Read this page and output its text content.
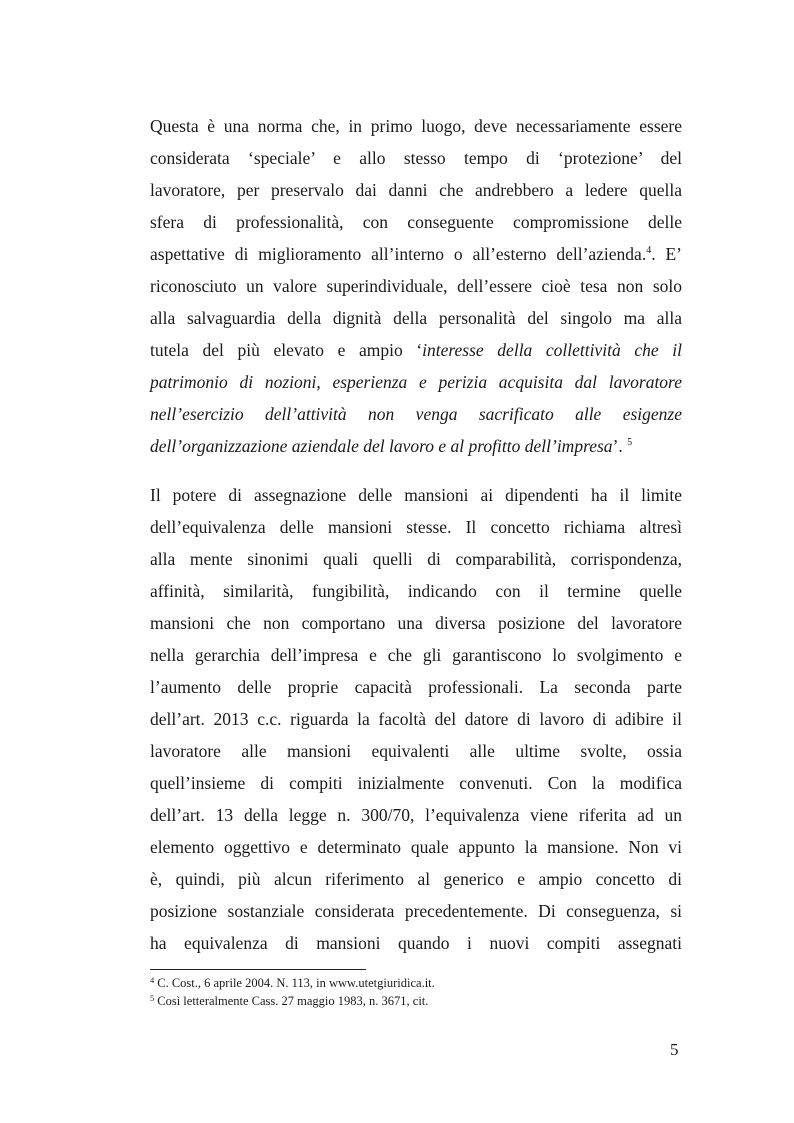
Questa è una norma che, in primo luogo, deve necessariamente essere
considerata ‘speciale’ e allo stesso tempo di ‘protezione’ del
lavoratore, per preservalo dai danni che andrebbero a ledere quella
sfera di professionalità, con conseguente compromissione delle
aspettative di miglioramento all’interno o all’esterno dell’azienda.$^4$. E’
riconosciuto un valore superindividuale, dell’essere cioè tesa non solo
alla salvaguardia della dignità della personalità del singolo ma alla
tutela del più elevato e ampio ‘interesse della collettività che il
patrimonio di nozioni, esperienza e perizia acquisita dal lavoratore
nell’esercizio dell’attività non venga sacrificato alle esigenze
dell’organizzazione aziendale del lavoro e al profitto dell’impresa’. $^5$
Il potere di assegnazione delle mansioni ai dipendenti ha il limite
dell’equivalenza delle mansioni stesse. Il concetto richiama altresì
alla mente sinonimi quali quelli di comparabilità, corrispondenza,
affinità, similarità, fungibilità, indicando con il termine quelle
mansioni che non comportano una diversa posizione del lavoratore
nella gerarchia dell’impresa e che gli garantiscono lo svolgimento e
l’aumento delle proprie capacità professionali. La seconda parte
dell’art. 2013 c.c. riguarda la facoltà del datore di lavoro di adibire il
lavoratore alle mansioni equivalenti alle ultime svolte, ossia
quell’insieme di compiti inizialmente convenuti. Con la modifica
dell’art. 13 della legge n. 300/70, l’equivalenza viene riferita ad un
elemento oggettivo e determinato quale appunto la mansione. Non vi
è, quindi, più alcun riferimento al generico e ampio concetto di
posizione sostanziale considerata precedentemente. Di conseguenza, si
ha equivalenza di mansioni quando i nuovi compiti assegnati
$^4$ C. Cost., 6 aprile 2004. N. 113, in www.utetgiuridica.it.
$^5$ Così letteralmente Cass. 27 maggio 1983, n. 3671, cit.
5
